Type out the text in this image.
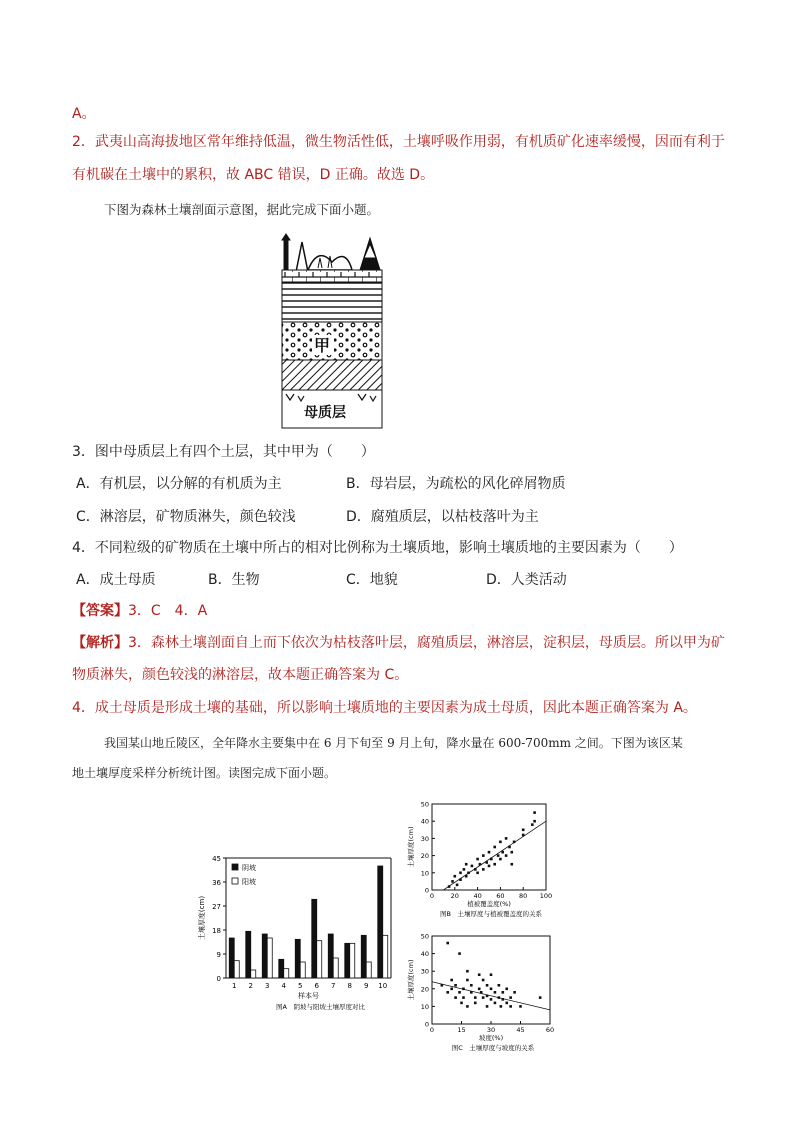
A。
2．武夷山高海拔地区常年维持低温，微生物活性低，土壤呼吸作用弱，有机质矿化速率缓慢，因而有利于
有机碳在土壤中的累积，故 ABC 错误，D 正确。故选 D。
下图为森林土壤剖面示意图，据此完成下面小题。
甲
母质层
3．图中母质层上有四个土层，其中甲为（　　）
A．有机层，以分解的有机质为主	B．母岩层，为疏松的风化碎屑物质
C．淋溶层，矿物质淋失，颜色较浅	D．腐殖质层，以枯枝落叶为主
4．不同粒级的矿物质在土壤中所占的相对比例称为土壤质地，影响土壤质地的主要因素为（　　）
A．成土母质	B．生物	C．地貌	D．人类活动
【答案】3．C　4．A
【解析】3．森林土壤剖面自上而下依次为枯枝落叶层，腐殖质层，淋溶层，淀积层，母质层。所以甲为矿
物质淋失，颜色较浅的淋溶层，故本题正确答案为 C。
4．成土母质是形成土壤的基础，所以影响土壤质地的主要因素为成土母质，因此本题正确答案为 A。
我国某山地丘陵区，全年降水主要集中在 6 月下旬至 9 月上旬，降水量在 600-700mm 之间。下图为该区某
地土壤厚度采样分析统计图。读图完成下面小题。
0
9
18
27
36
45
1 2 3 4 5 6 7 8 9 10
阴坡
阳坡
样本号
土壤厚度(cm)
图A　阴坡与阳坡土壤厚度对比
0
10
20
30
40
50
0	20 40 60 80 100
植被覆盖度(%)
土壤厚度(cm)
图B　土壤厚度与植被覆盖度的关系
0
10
20
30
40
50
0	15	30	45	60
坡度(%)
土壤厚度(cm)
图C　土壤厚度与坡度的关系
